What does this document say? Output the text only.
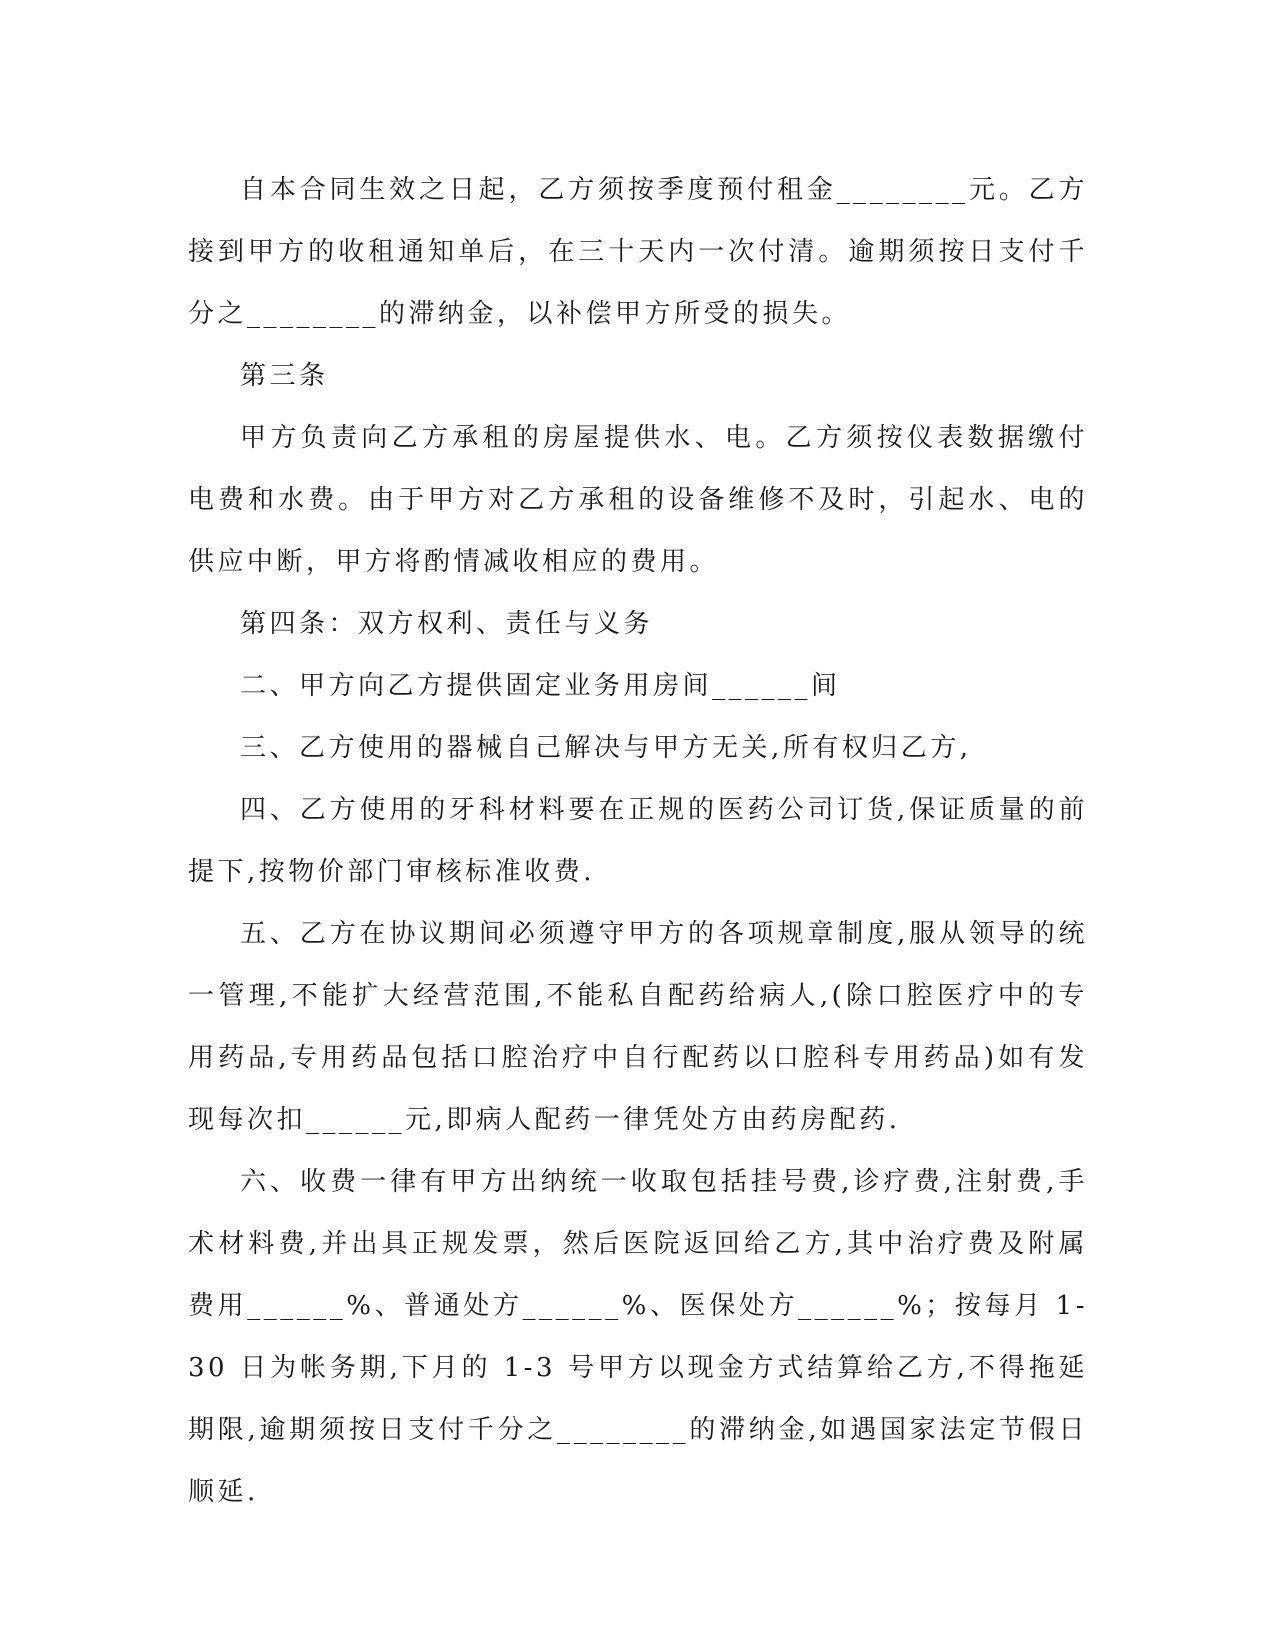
自本合同生效之日起，乙方须按季度预付租金________元。乙方接到甲方的收租通知单后，在三十天内一次付清。逾期须按日支付千分之________的滞纳金，以补偿甲方所受的损失。

第三条

甲方负责向乙方承租的房屋提供水、电。乙方须按仪表数据缴付电费和水费。由于甲方对乙方承租的设备维修不及时，引起水、电的供应中断，甲方将酌情减收相应的费用。

第四条：双方权利、责任与义务

二、甲方向乙方提供固定业务用房间______间

三、乙方使用的器械自己解决与甲方无关,所有权归乙方,

四、乙方使用的牙科材料要在正规的医药公司订货,保证质量的前提下,按物价部门审核标准收费.

五、乙方在协议期间必须遵守甲方的各项规章制度,服从领导的统一管理,不能扩大经营范围,不能私自配药给病人,(除口腔医疗中的专用药品,专用药品包括口腔治疗中自行配药以口腔科专用药品)如有发现每次扣______元,即病人配药一律凭处方由药房配药.

六、收费一律有甲方出纳统一收取包括挂号费,诊疗费,注射费,手术材料费,并出具正规发票，然后医院返回给乙方,其中治疗费及附属费用______%、普通处方______%、医保处方______%；按每月 1-30 日为帐务期,下月的 1-3 号甲方以现金方式结算给乙方,不得拖延期限,逾期须按日支付千分之________的滞纳金,如遇国家法定节假日顺延.
